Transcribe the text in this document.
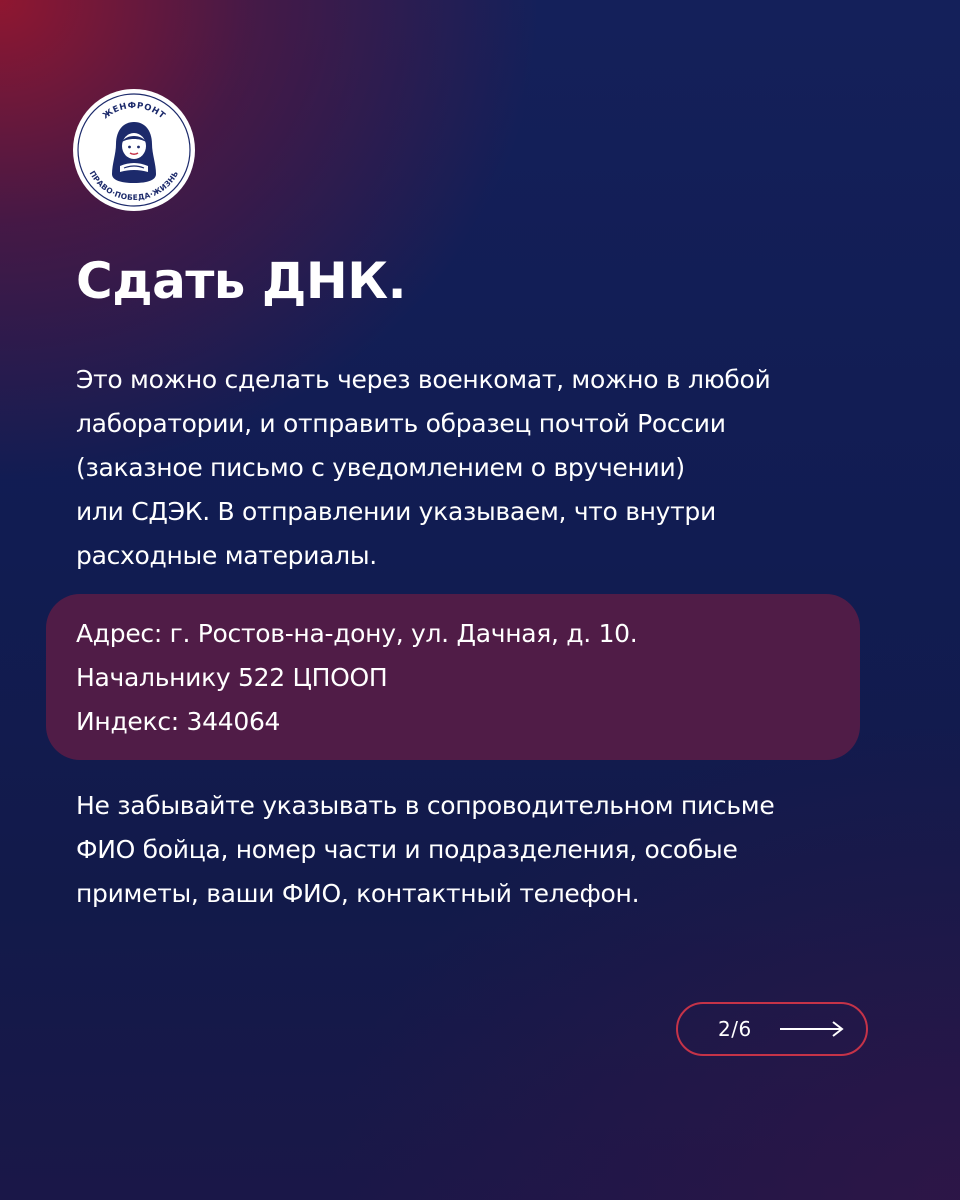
ЖЕНФРОНТ
ПРАВО·ПОБЕДА·ЖИЗНЬ
Сдать ДНК.

Это можно сделать через военкомат, можно в любой
лаборатории, и отправить образец почтой России
(заказное письмо с уведомлением о вручении)
или СДЭК. В отправлении указываем, что внутри
расходные материалы.

Адрес: г. Ростов-на-дону, ул. Дачная, д. 10.
Начальнику 522 ЦПООП
Индекс: 344064

Не забывайте указывать в сопроводительном письме
ФИО бойца, номер части и подразделения, особые
приметы, ваши ФИО, контактный телефон.

2/6
